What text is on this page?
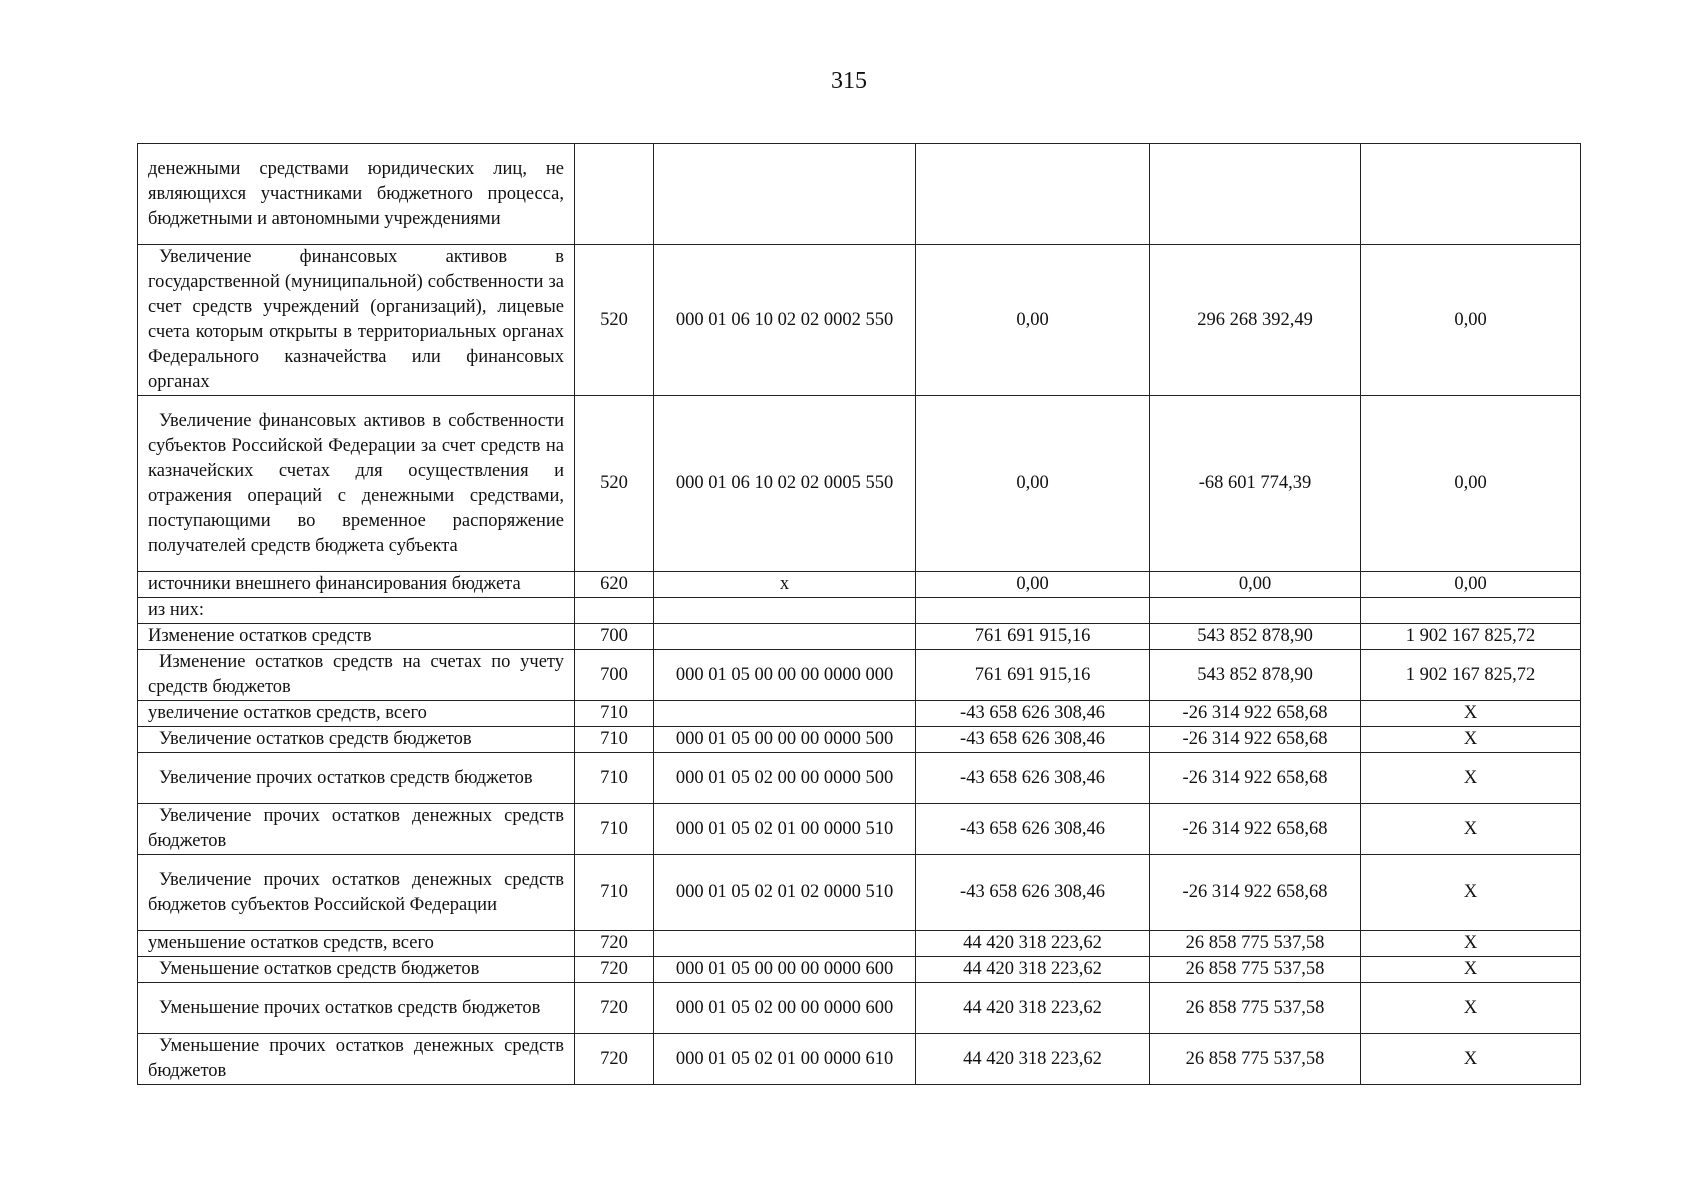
315
денежными средствами юридических лиц, не являющихся участниками бюджетного процесса, бюджетными и автономными учреждениями					
Увеличение финансовых активов в государственной (муниципальной) собственности за счет средств учреждений (организаций), лицевые счета которым открыты в территориальных органах Федерального казначейства или финансовых органах	520	000 01 06 10 02 02 0002 550	0,00	296 268 392,49	0,00
Увеличение финансовых активов в собственности субъектов Российской Федерации за счет средств на казначейских счетах для осуществления и отражения операций с денежными средствами, поступающими во временное распоряжение получателей средств бюджета субъекта	520	000 01 06 10 02 02 0005 550	0,00	-68 601 774,39	0,00
источники внешнего финансирования бюджета	620	x	0,00	0,00	0,00
из них:					
Изменение остатков средств	700		761 691 915,16	543 852 878,90	1 902 167 825,72
Изменение остатков средств на счетах по учету средств бюджетов	700	000 01 05 00 00 00 0000 000	761 691 915,16	543 852 878,90	1 902 167 825,72
увеличение остатков средств, всего	710		-43 658 626 308,46	-26 314 922 658,68	X
Увеличение остатков средств бюджетов	710	000 01 05 00 00 00 0000 500	-43 658 626 308,46	-26 314 922 658,68	X
Увеличение прочих остатков средств бюджетов	710	000 01 05 02 00 00 0000 500	-43 658 626 308,46	-26 314 922 658,68	X
Увеличение прочих остатков денежных средств бюджетов	710	000 01 05 02 01 00 0000 510	-43 658 626 308,46	-26 314 922 658,68	X
Увеличение прочих остатков денежных средств бюджетов субъектов Российской Федерации	710	000 01 05 02 01 02 0000 510	-43 658 626 308,46	-26 314 922 658,68	X
уменьшение остатков средств, всего	720		44 420 318 223,62	26 858 775 537,58	X
Уменьшение остатков средств бюджетов	720	000 01 05 00 00 00 0000 600	44 420 318 223,62	26 858 775 537,58	X
Уменьшение прочих остатков средств бюджетов	720	000 01 05 02 00 00 0000 600	44 420 318 223,62	26 858 775 537,58	X
Уменьшение прочих остатков денежных средств бюджетов	720	000 01 05 02 01 00 0000 610	44 420 318 223,62	26 858 775 537,58	X
